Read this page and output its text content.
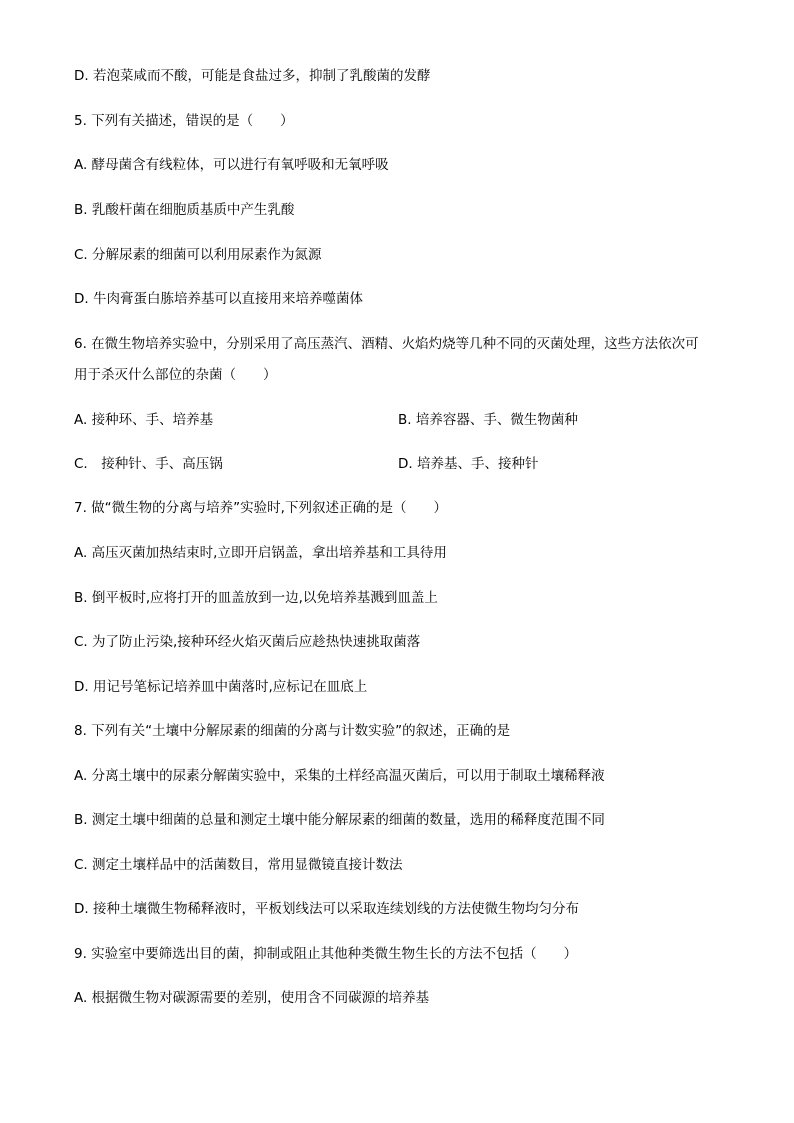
D. 若泡菜咸而不酸，可能是食盐过多，抑制了乳酸菌的发酵
5. 下列有关描述，错误的是（　　）
A. 酵母菌含有线粒体，可以进行有氧呼吸和无氧呼吸
B. 乳酸杆菌在细胞质基质中产生乳酸
C. 分解尿素的细菌可以利用尿素作为氮源
D. 牛肉膏蛋白胨培养基可以直接用来培养噬菌体
6. 在微生物培养实验中，分别采用了高压蒸汽、酒精、火焰灼烧等几种不同的灭菌处理，这些方法依次可
用于杀灭什么部位的杂菌（　　）
A. 接种环、手、培养基	B. 培养容器、手、微生物菌种
C.　接种针、手、高压锅	D. 培养基、手、接种针
7. 做“微生物的分离与培养”实验时,下列叙述正确的是（　　）
A. 高压灭菌加热结束时,立即开启锅盖，拿出培养基和工具待用
B. 倒平板时,应将打开的皿盖放到一边,以免培养基溅到皿盖上
C. 为了防止污染,接种环经火焰灭菌后应趁热快速挑取菌落
D. 用记号笔标记培养皿中菌落时,应标记在皿底上
8. 下列有关“土壤中分解尿素的细菌的分离与计数实验”的叙述，正确的是
A. 分离土壤中的尿素分解菌实验中，采集的土样经高温灭菌后，可以用于制取土壤稀释液
B. 测定土壤中细菌的总量和测定土壤中能分解尿素的细菌的数量，选用的稀释度范围不同
C. 测定土壤样品中的活菌数目，常用显微镜直接计数法
D. 接种土壤微生物稀释液时，平板划线法可以采取连续划线的方法使微生物均匀分布
9. 实验室中要筛选出目的菌，抑制或阻止其他种类微生物生长的方法不包括（　　）
A. 根据微生物对碳源需要的差别，使用含不同碳源的培养基
